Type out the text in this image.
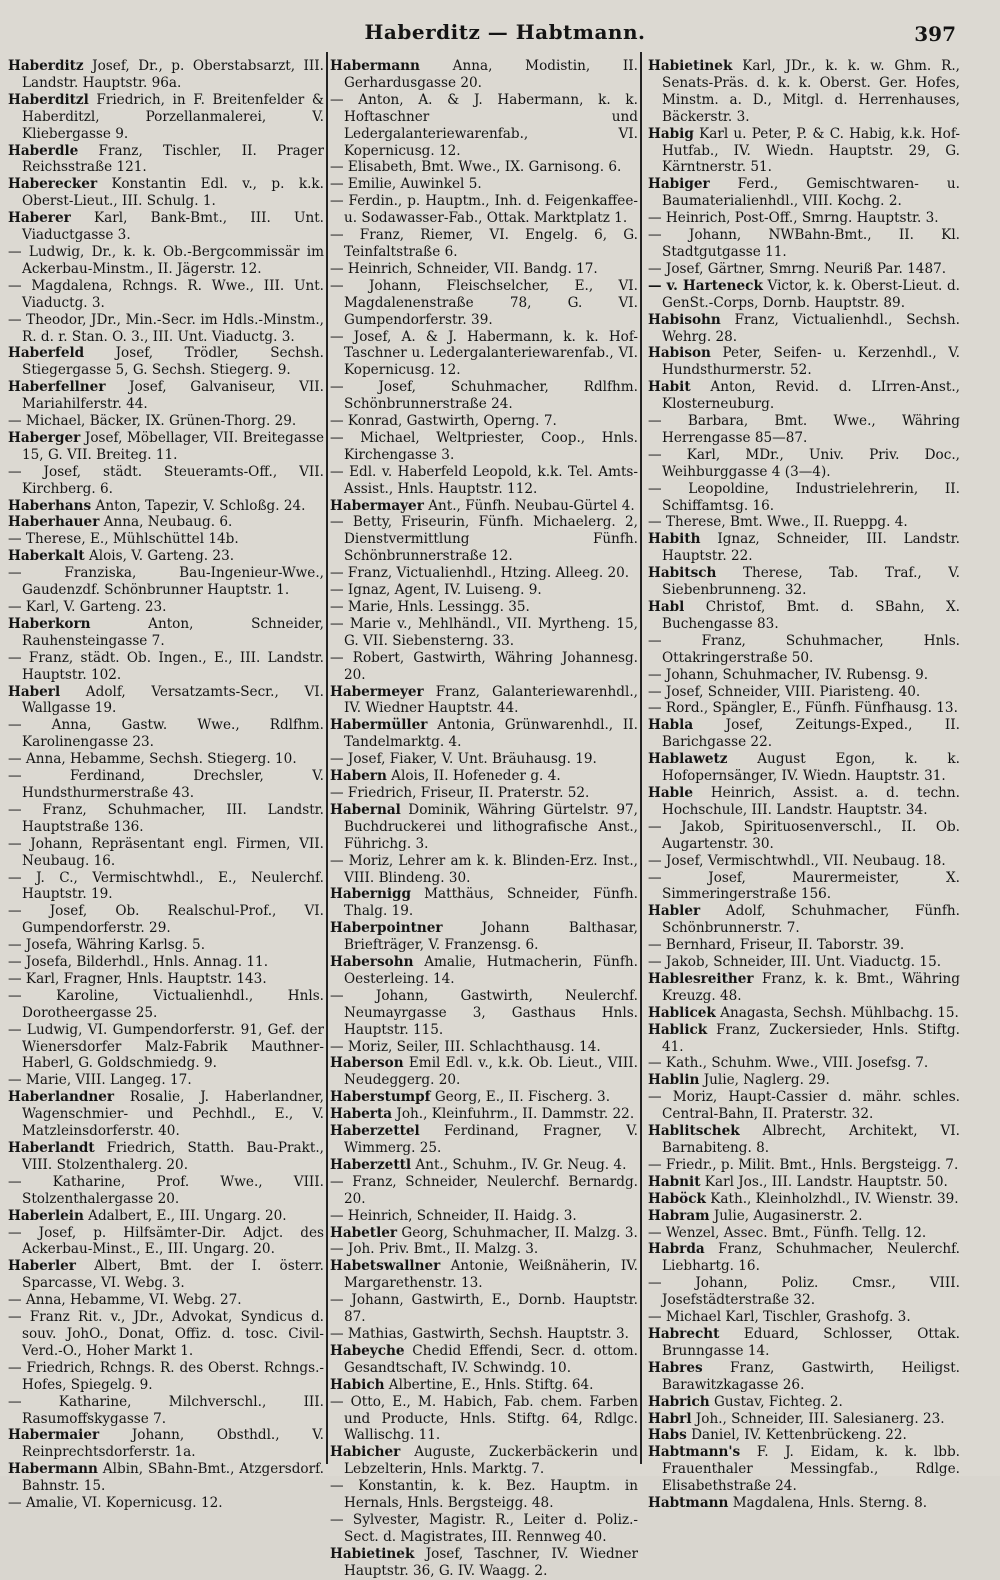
Haberditz — Habtmann.	397

Haberditz Josef, Dr., p. Oberstabsarzt, III. Landstr. Hauptstr. 96a.

Haberditzl Friedrich, in F. Breitenfelder & Haberditzl, Porzellanmalerei, V. Kliebergasse 9.

Haberdle Franz, Tischler, II. Prager Reichsstraße 121.

Haberecker Konstantin Edl. v., p. k.k. Oberst-Lieut., III. Schulg. 1.

Haberer Karl, Bank-Bmt., III. Unt. Viaductgasse 3.

— Ludwig, Dr., k. k. Ob.-Bergcommissär im Ackerbau-Minstm., II. Jägerstr. 12.

— Magdalena, Rchngs. R. Wwe., III. Unt. Viaductg. 3.

— Theodor, JDr., Min.-Secr. im Hdls.-Minstm., R. d. r. Stan. O. 3., III. Unt. Viaductg. 3.

Haberfeld Josef, Trödler, Sechsh. Stiegergasse 5, G. Sechsh. Stiegerg. 9.

Haberfellner Josef, Galvaniseur, VII. Mariahilferstr. 44.

— Michael, Bäcker, IX. Grünen-Thorg. 29.

Haberger Josef, Möbellager, VII. Breitegasse 15, G. VII. Breiteg. 11.

— Josef, städt. Steueramts-Off., VII. Kirchberg. 6.

Haberhans Anton, Tapezir, V. Schloßg. 24.

Haberhauer Anna, Neubaug. 6.

— Therese, E., Mühlschüttel 14b.

Haberkalt Alois, V. Garteng. 23.

— Franziska, Bau-Ingenieur-Wwe., Gaudenzdf. Schönbrunner Hauptstr. 1.

— Karl, V. Garteng. 23.

Haberkorn Anton, Schneider, Rauhensteingasse 7.

— Franz, städt. Ob. Ingen., E., III. Landstr. Hauptstr. 102.

Haberl Adolf, Versatzamts-Secr., VI. Wallgasse 19.

— Anna, Gastw. Wwe., Rdlfhm. Karolinengasse 23.

— Anna, Hebamme, Sechsh. Stiegerg. 10.

— Ferdinand, Drechsler, V. Hundsthurmerstraße 43.

— Franz, Schuhmacher, III. Landstr. Hauptstraße 136.

— Johann, Repräsentant engl. Firmen, VII. Neubaug. 16.

— J. C., Vermischtwhdl., E., Neulerchf. Hauptstr. 19.

— Josef, Ob. Realschul-Prof., VI. Gumpendorferstr. 29.

— Josefa, Währing Karlsg. 5.

— Josefa, Bilderhdl., Hnls. Annag. 11.

— Karl, Fragner, Hnls. Hauptstr. 143.

— Karoline, Victualienhdl., Hnls. Dorotheergasse 25.

— Ludwig, VI. Gumpendorferstr. 91, Gef. der Wienersdorfer Malz-Fabrik Mauthner-Haberl, G. Goldschmiedg. 9.

— Marie, VIII. Langeg. 17.

Haberlandner Rosalie, J. Haberlandner, Wagenschmier- und Pechhdl., E., V. Matzleinsdorferstr. 40.

Haberlandt Friedrich, Statth. Bau-Prakt., VIII. Stolzenthalerg. 20.

— Katharine, Prof. Wwe., VIII. Stolzenthalergasse 20.

Haberlein Adalbert, E., III. Ungarg. 20.

— Josef, p. Hilfsämter-Dir. Adjct. des Ackerbau-Minst., E., III. Ungarg. 20.

Haberler Albert, Bmt. der I. österr. Sparcasse, VI. Webg. 3.

— Anna, Hebamme, VI. Webg. 27.

— Franz Rit. v., JDr., Advokat, Syndicus d. souv. JohO., Donat, Offiz. d. tosc. Civil-Verd.-O., Hoher Markt 1.

— Friedrich, Rchngs. R. des Oberst. Rchngs.-Hofes, Spiegelg. 9.

— Katharine, Milchverschl., III. Rasumoffskygasse 7.

Habermaier Johann, Obsthdl., V. Reinprechtsdorferstr. 1a.

Habermann Albin, SBahn-Bmt., Atzgersdorf. Bahnstr. 15.

— Amalie, VI. Kopernicusg. 12.

Habermann Anna, Modistin, II. Gerhardusgasse 20.

— Anton, A. & J. Habermann, k. k. Hoftaschner und Ledergalanteriewarenfab., VI. Kopernicusg. 12.

— Elisabeth, Bmt. Wwe., IX. Garnisong. 6.

— Emilie, Auwinkel 5.

— Ferdin., p. Hauptm., Inh. d. Feigenkaffee- u. Sodawasser-Fab., Ottak. Marktplatz 1.

— Franz, Riemer, VI. Engelg. 6, G. Teinfaltstraße 6.

— Heinrich, Schneider, VII. Bandg. 17.

— Johann, Fleischselcher, E., VI. Magdalenenstraße 78, G. VI. Gumpendorferstr. 39.

— Josef, A. & J. Habermann, k. k. Hof-Taschner u. Ledergalanteriewarenfab., VI. Kopernicusg. 12.

— Josef, Schuhmacher, Rdlfhm. Schönbrunnerstraße 24.

— Konrad, Gastwirth, Operng. 7.

— Michael, Weltpriester, Coop., Hnls. Kirchengasse 3.

— Edl. v. Haberfeld Leopold, k.k. Tel. Amts-Assist., Hnls. Hauptstr. 112.

Habermayer Ant., Fünfh. Neubau-Gürtel 4.

— Betty, Friseurin, Fünfh. Michaelerg. 2, Dienstvermittlung Fünfh. Schönbrunnerstraße 12.

— Franz, Victualienhdl., Htzing. Alleeg. 20.

— Ignaz, Agent, IV. Luiseng. 9.

— Marie, Hnls. Lessingg. 35.

— Marie v., Mehlhändl., VII. Myrtheng. 15, G. VII. Siebensterng. 33.

— Robert, Gastwirth, Währing Johannesg. 20.

Habermeyer Franz, Galanteriewarenhdl., IV. Wiedner Hauptstr. 44.

Habermüller Antonia, Grünwarenhdl., II. Tandelmarktg. 4.

— Josef, Fiaker, V. Unt. Bräuhausg. 19.

Habern Alois, II. Hofeneder g. 4.

— Friedrich, Friseur, II. Praterstr. 52.

Habernal Dominik, Währing Gürtelstr. 97, Buchdruckerei und lithografische Anst., Führichg. 3.

— Moriz, Lehrer am k. k. Blinden-Erz. Inst., VIII. Blindeng. 30.

Habernigg Matthäus, Schneider, Fünfh. Thalg. 19.

Haberpointner Johann Balthasar, Briefträger, V. Franzensg. 6.

Habersohn Amalie, Hutmacherin, Fünfh. Oesterleing. 14.

— Johann, Gastwirth, Neulerchf. Neumayrgasse 3, Gasthaus Hnls. Hauptstr. 115.

— Moriz, Seiler, III. Schlachthausg. 14.

Haberson Emil Edl. v., k.k. Ob. Lieut., VIII. Neudeggerg. 20.

Haberstumpf Georg, E., II. Fischerg. 3.

Haberta Joh., Kleinfuhrm., II. Dammstr. 22.

Haberzettel Ferdinand, Fragner, V. Wimmerg. 25.

Haberzettl Ant., Schuhm., IV. Gr. Neug. 4.

— Franz, Schneider, Neulerchf. Bernardg. 20.

— Heinrich, Schneider, II. Haidg. 3.

Habetler Georg, Schuhmacher, II. Malzg. 3.

— Joh. Priv. Bmt., II. Malzg. 3.

Habetswallner Antonie, Weißnäherin, IV. Margarethenstr. 13.

— Johann, Gastwirth, E., Dornb. Hauptstr. 87.

— Mathias, Gastwirth, Sechsh. Hauptstr. 3.

Habeyche Chedid Effendi, Secr. d. ottom. Gesandtschaft, IV. Schwindg. 10.

Habich Albertine, E., Hnls. Stiftg. 64.

— Otto, E., M. Habich, Fab. chem. Farben und Producte, Hnls. Stiftg. 64, Rdlgc. Wallischg. 11.

Habicher Auguste, Zuckerbäckerin und Lebzelterin, Hnls. Marktg. 7.

— Konstantin, k. k. Bez. Hauptm. in Hernals, Hnls. Bergsteigg. 48.

— Sylvester, Magistr. R., Leiter d. Poliz.-Sect. d. Magistrates, III. Rennweg 40.

Habietinek Josef, Taschner, IV. Wiedner Hauptstr. 36, G. IV. Waagg. 2.

Habietinek Karl, JDr., k. k. w. Ghm. R., Senats-Präs. d. k. k. Oberst. Ger. Hofes, Minstm. a. D., Mitgl. d. Herrenhauses, Bäckerstr. 3.

Habig Karl u. Peter, P. & C. Habig, k.k. Hof-Hutfab., IV. Wiedn. Hauptstr. 29, G. Kärntnerstr. 51.

Habiger Ferd., Gemischtwaren- u. Baumaterialienhdl., VIII. Kochg. 2.

— Heinrich, Post-Off., Smrng. Hauptstr. 3.

— Johann, NWBahn-Bmt., II. Kl. Stadtgutgasse 11.

— Josef, Gärtner, Smrng. Neuriß Par. 1487.

— v. Harteneck Victor, k. k. Oberst-Lieut. d. GenSt.-Corps, Dornb. Hauptstr. 89.

Habisohn Franz, Victualienhdl., Sechsh. Wehrg. 28.

Habison Peter, Seifen- u. Kerzenhdl., V. Hundsthurmerstr. 52.

Habit Anton, Revid. d. LIrren-Anst., Klosterneuburg.

— Barbara, Bmt. Wwe., Währing Herrengasse 85—87.

— Karl, MDr., Univ. Priv. Doc., Weihburggasse 4 (3—4).

— Leopoldine, Industrielehrerin, II. Schiffamtsg. 16.

— Therese, Bmt. Wwe., II. Rueppg. 4.

Habith Ignaz, Schneider, III. Landstr. Hauptstr. 22.

Habitsch Therese, Tab. Traf., V. Siebenbrunneng. 32.

Habl Christof, Bmt. d. SBahn, X. Buchengasse 83.

— Franz, Schuhmacher, Hnls. Ottakringerstraße 50.

— Johann, Schuhmacher, IV. Rubensg. 9.

— Josef, Schneider, VIII. Piaristeng. 40.

— Rord., Spängler, E., Fünfh. Fünfhausg. 13.

Habla Josef, Zeitungs-Exped., II. Barichgasse 22.

Hablawetz August Egon, k. k. Hofopernsänger, IV. Wiedn. Hauptstr. 31.

Hable Heinrich, Assist. a. d. techn. Hochschule, III. Landstr. Hauptstr. 34.

— Jakob, Spirituosenverschl., II. Ob. Augartenstr. 30.

— Josef, Vermischtwhdl., VII. Neubaug. 18.

— Josef, Maurermeister, X. Simmeringerstraße 156.

Habler Adolf, Schuhmacher, Fünfh. Schönbrunnerstr. 7.

— Bernhard, Friseur, II. Taborstr. 39.

— Jakob, Schneider, III. Unt. Viaductg. 15.

Hablesreither Franz, k. k. Bmt., Währing Kreuzg. 48.

Hablicek Anagasta, Sechsh. Mühlbachg. 15.

Hablick Franz, Zuckersieder, Hnls. Stiftg. 41.

— Kath., Schuhm. Wwe., VIII. Josefsg. 7.

Hablin Julie, Naglerg. 29.

— Moriz, Haupt-Cassier d. mähr. schles. Central-Bahn, II. Praterstr. 32.

Hablitschek Albrecht, Architekt, VI. Barnabiteng. 8.

— Friedr., p. Milit. Bmt., Hnls. Bergsteigg. 7.

Habnit Karl Jos., III. Landstr. Hauptstr. 50.

Haböck Kath., Kleinholzhdl., IV. Wienstr. 39.

Habram Julie, Augasinerstr. 2.

— Wenzel, Assec. Bmt., Fünfh. Tellg. 12.

Habrda Franz, Schuhmacher, Neulerchf. Liebhartg. 16.

— Johann, Poliz. Cmsr., VIII. Josefstädterstraße 32.

— Michael Karl, Tischler, Grashofg. 3.

Habrecht Eduard, Schlosser, Ottak. Brunngasse 14.

Habres Franz, Gastwirth, Heiligst. Barawitzkagasse 26.

Habrich Gustav, Fichteg. 2.

Habrl Joh., Schneider, III. Salesianerg. 23.

Habs Daniel, IV. Kettenbrückeng. 22.

Habtmann's F. J. Eidam, k. k. lbb. Frauenthaler Messingfab., Rdlge. Elisabethstraße 24.

Habtmann Magdalena, Hnls. Sterng. 8.
